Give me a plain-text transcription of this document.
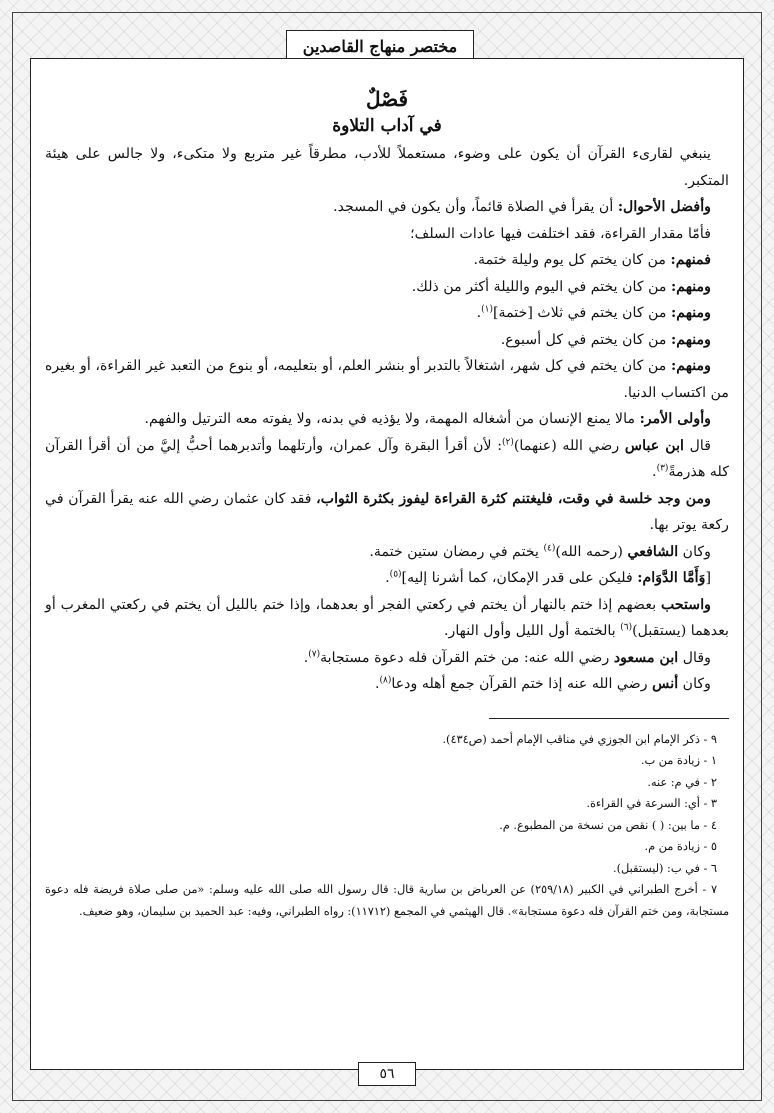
مختصر منهاج القاصدين

فَصْلٌ

في آداب التلاوة

ينبغي لقارىء القرآن أن يكون على وضوء، مستعملاً للأدب، مطرقاً غير متربع ولا متكىء، ولا جالس على هيئة المتكبر.

وأفضل الأحوال: أن يقرأ في الصلاة قائماً، وأن يكون في المسجد.

فأمّا مقدار القراءة، فقد اختلفت فيها عادات السلف؛

فمنهم: من كان يختم كل يوم وليلة ختمة.

ومنهم: من كان يختم في اليوم والليلة أكثر من ذلك.

ومنهم: من كان يختم في ثلاث [ختمة]$^{(١)}$.

ومنهم: من كان يختم في كل أسبوع.

ومنهم: من كان يختم في كل شهر، اشتغالاً بالتدبر أو بنشر العلم، أو بتعليمه، أو بنوع من التعبد غير القراءة، أو بغيره من اكتساب الدنيا.

وأولى الأمر: مالا يمنع الإنسان من أشغاله المهمة، ولا يؤذيه في بدنه، ولا يفوته معه الترتيل والفهم.

قال ابن عباس رضي الله (عنهما)$^{(٢)}$: لأن أقرأ البقرة وآل عمران، وأرتلهما وأتدبرهما أحبُّ إليَّ من أن أقرأ القرآن كله هذرمةً$^{(٣)}$.

ومن وجد خلسة في وقت، فليغتنم كثرة القراءة ليفوز بكثرة الثواب، فقد كان عثمان رضي الله عنه يقرأ القرآن في ركعة يوتر بها.

وكان الشافعي (رحمه الله)$^{(٤)}$ يختم في رمضان ستين ختمة.

[وَأَمَّا الدَّوَام: فليكن على قدر الإمكان، كما أشرنا إليه]$^{(٥)}$.

واستحب بعضهم إذا ختم بالنهار أن يختم في ركعتي الفجر أو بعدهما، وإذا ختم بالليل أن يختم في ركعتي المغرب أو بعدهما (يستقبل)$^{(٦)}$ بالختمة أول الليل وأول النهار.

وقال ابن مسعود رضي الله عنه: من ختم القرآن فله دعوة مستجابة$^{(٧)}$.

وكان أنس رضي الله عنه إذا ختم القرآن جمع أهله ودعا$^{(٨)}$.

٩ - ذكر الإمام ابن الجوزي في مناقب الإمام أحمد (ص٤٣٤).

١ - زيادة من ب.

٢ - في م: عنه.

٣ - أي: السرعة في القراءة.

٤ - ما بين: ( ) نقص من نسخة من المطبوع. م.

٥ - زيادة من م.

٦ - في ب: (ليستقبل).

٧ - أخرج الطبراني في الكبير (٢٥٩/١٨) عن العرباض بن سارية قال: قال رسول الله صلى الله عليه وسلم: «من صلى صلاة فريضة فله دعوة مستجابة، ومن ختم القرآن فله دعوة مستجابة». قال الهيثمي في المجمع (١١٧١٢): رواه الطبراني، وفيه: عبد الحميد بن سليمان، وهو ضعيف.

٥٦
